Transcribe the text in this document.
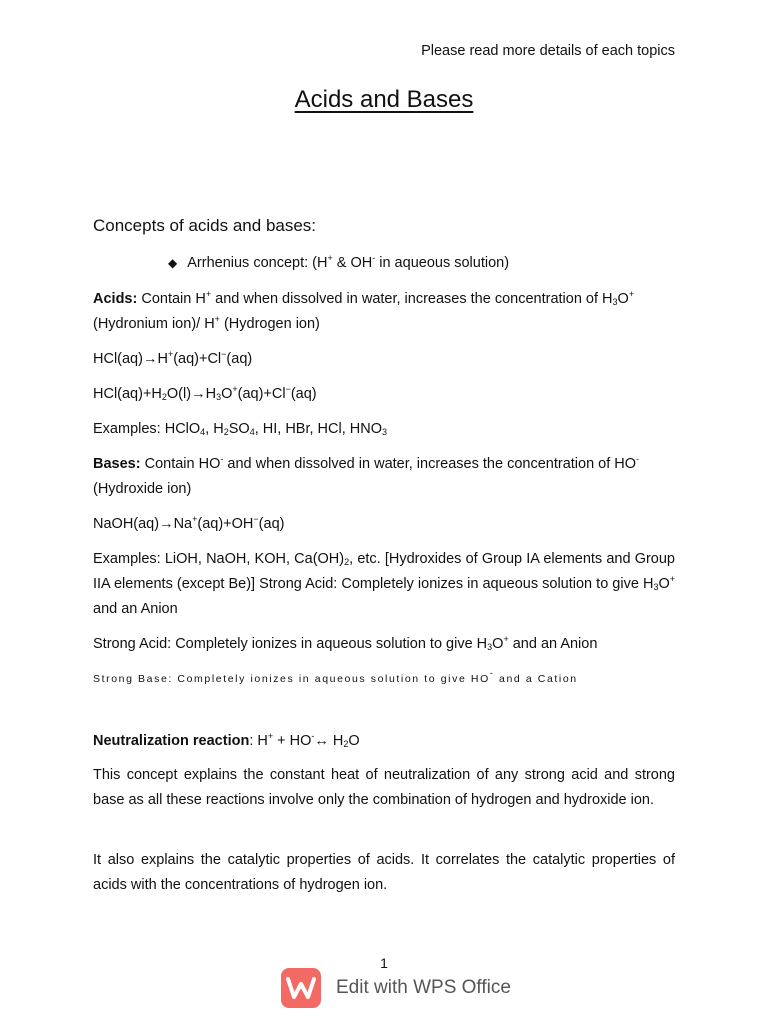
Please read more details of each topics
Acids and Bases
Concepts of acids and bases:
◆ Arrhenius concept: (H+ & OH- in aqueous solution)
Acids: Contain H+ and when dissolved in water, increases the concentration of $H_3O^+$ (Hydronium ion)/ H+ (Hydrogen ion)
HCl(aq)→H+(aq)+Cl−(aq)
$HCl(aq)+H_2O(l)\to H_3O^+(aq)+Cl^-(aq)$
Examples: HClO$_4$, $H_2SO_4$, HI, HBr, HCl, $HNO_3$
Bases: Contain HO- and when dissolved in water, increases the concentration of HO- (Hydroxide ion)
NaOH(aq)→Na+(aq)+OH−(aq)
Examples: LiOH, NaOH, KOH, $Ca(OH)_2$, etc. [Hydroxides of Group IA elements and Group IIA elements (except Be)] Strong Acid: Completely ionizes in aqueous solution to give $H_3O^+$ and an Anion
Strong Acid: Completely ionizes in aqueous solution to give $H_3O^+$ and an Anion
Strong Base: Completely ionizes in aqueous solution to give HO- and a Cation
Neutralization reaction: H+ + HO-↔ $H_2O$
This concept explains the constant heat of neutralization of any strong acid and strong base as all these reactions involve only the combination of hydrogen and hydroxide ion.
It also explains the catalytic properties of acids. It correlates the catalytic properties of acids with the concentrations of hydrogen ion.
1
Edit with WPS Office
